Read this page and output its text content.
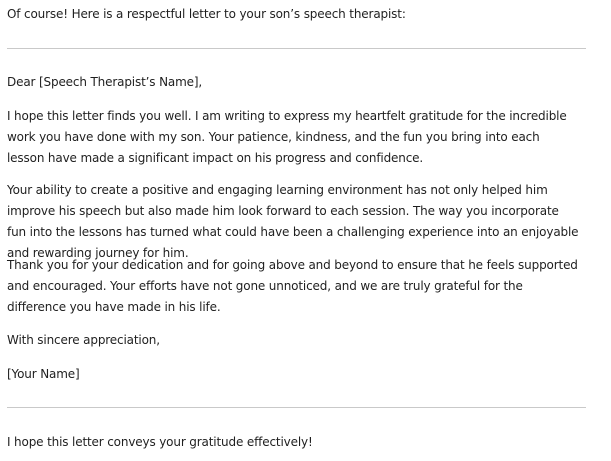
Of course! Here is a respectful letter to your son’s speech therapist:

Dear [Speech Therapist’s Name],

I hope this letter finds you well. I am writing to express my heartfelt gratitude for the incredible work you have done with my son. Your patience, kindness, and the fun you bring into each lesson have made a significant impact on his progress and confidence.

Your ability to create a positive and engaging learning environment has not only helped him improve his speech but also made him look forward to each session. The way you incorporate fun into the lessons has turned what could have been a challenging experience into an enjoyable and rewarding journey for him.

Thank you for your dedication and for going above and beyond to ensure that he feels supported and encouraged. Your efforts have not gone unnoticed, and we are truly grateful for the difference you have made in his life.

With sincere appreciation,

[Your Name]

I hope this letter conveys your gratitude effectively!
